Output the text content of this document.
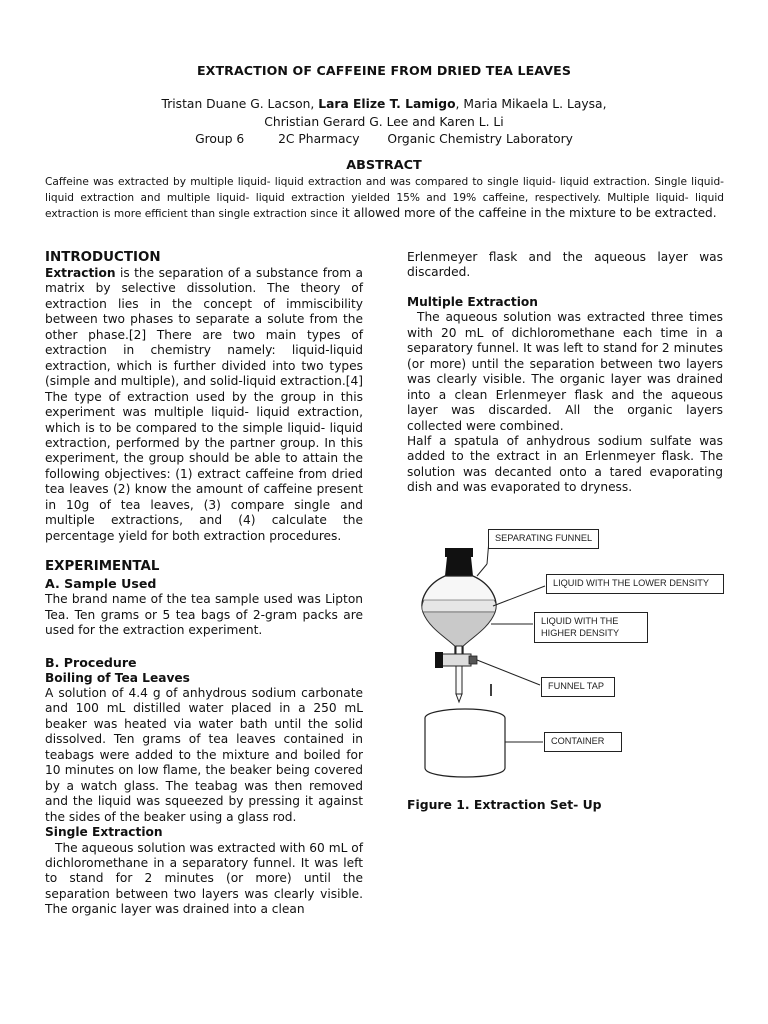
EXTRACTION OF CAFFEINE FROM DRIED TEA LEAVES
Tristan Duane G. Lacson, Lara Elize T. Lamigo, Maria Mikaela L. Laysa,
Christian Gerard G. Lee and Karen L. Li
Group 6	2C Pharmacy Organic Chemistry Laboratory
ABSTRACT
Caffeine was extracted by multiple liquid- liquid extraction and was compared to single liquid- liquid extraction. Single liquid- liquid extraction and multiple liquid- liquid extraction yielded 15% and 19% caffeine, respectively. Multiple liquid- liquid extraction is more efficient than single extraction since it allowed more of the caffeine in the mixture to be extracted.
INTRODUCTION

Extraction is the separation of a substance from a matrix by selective dissolution. The theory of extraction lies in the concept of immiscibility between two phases to separate a solute from the other phase.[2] There are two main types of extraction in chemistry namely: liquid-liquid extraction, which is further divided into two types (simple and multiple), and solid-liquid extraction.[4] The type of extraction used by the group in this experiment was multiple liquid- liquid extraction, which is to be compared to the simple liquid- liquid extraction, performed by the partner group. In this experiment, the group should be able to attain the following objectives: (1) extract caffeine from dried tea leaves (2) know the amount of caffeine present in 10g of tea leaves, (3) compare single and multiple extractions, and (4) calculate the percentage yield for both extraction procedures.

EXPERIMENTAL
A. Sample Used

The brand name of the tea sample used was Lipton Tea. Ten grams or 5 tea bags of 2-gram packs are used for the extraction experiment.

B. Procedure
Boiling of Tea Leaves

A solution of 4.4 g of anhydrous sodium carbonate and 100 mL distilled water placed in a 250 mL beaker was heated via water bath until the solid dissolved. Ten grams of tea leaves contained in teabags were added to the mixture and boiled for 10 minutes on low flame, the beaker being covered by a watch glass. The teabag was then removed and the liquid was squeezed by pressing it against the sides of the beaker using a glass rod.

Single Extraction

The aqueous solution was extracted with 60 mL of dichloromethane in a separatory funnel. It was left to stand for 2 minutes (or more) until the separation between two layers was clearly visible. The organic layer was drained into a clean

Erlenmeyer flask and the aqueous layer was discarded.

Multiple Extraction

The aqueous solution was extracted three times with 20 mL of dichloromethane each time in a separatory funnel. It was left to stand for 2 minutes (or more) until the separation between two layers was clearly visible. The organic layer was drained into a clean Erlenmeyer flask and the aqueous layer was discarded. All the organic layers collected were combined.

Half a spatula of anhydrous sodium sulfate was added to the extract in an Erlenmeyer flask. The solution was decanted onto a tared evaporating dish and was evaporated to dryness.

SEPARATING FUNNEL
LIQUID WITH THE LOWER DENSITY
LIQUID WITH THE
HIGHER DENSITY
FUNNEL TAP
CONTAINER
Figure 1. Extraction Set- Up
